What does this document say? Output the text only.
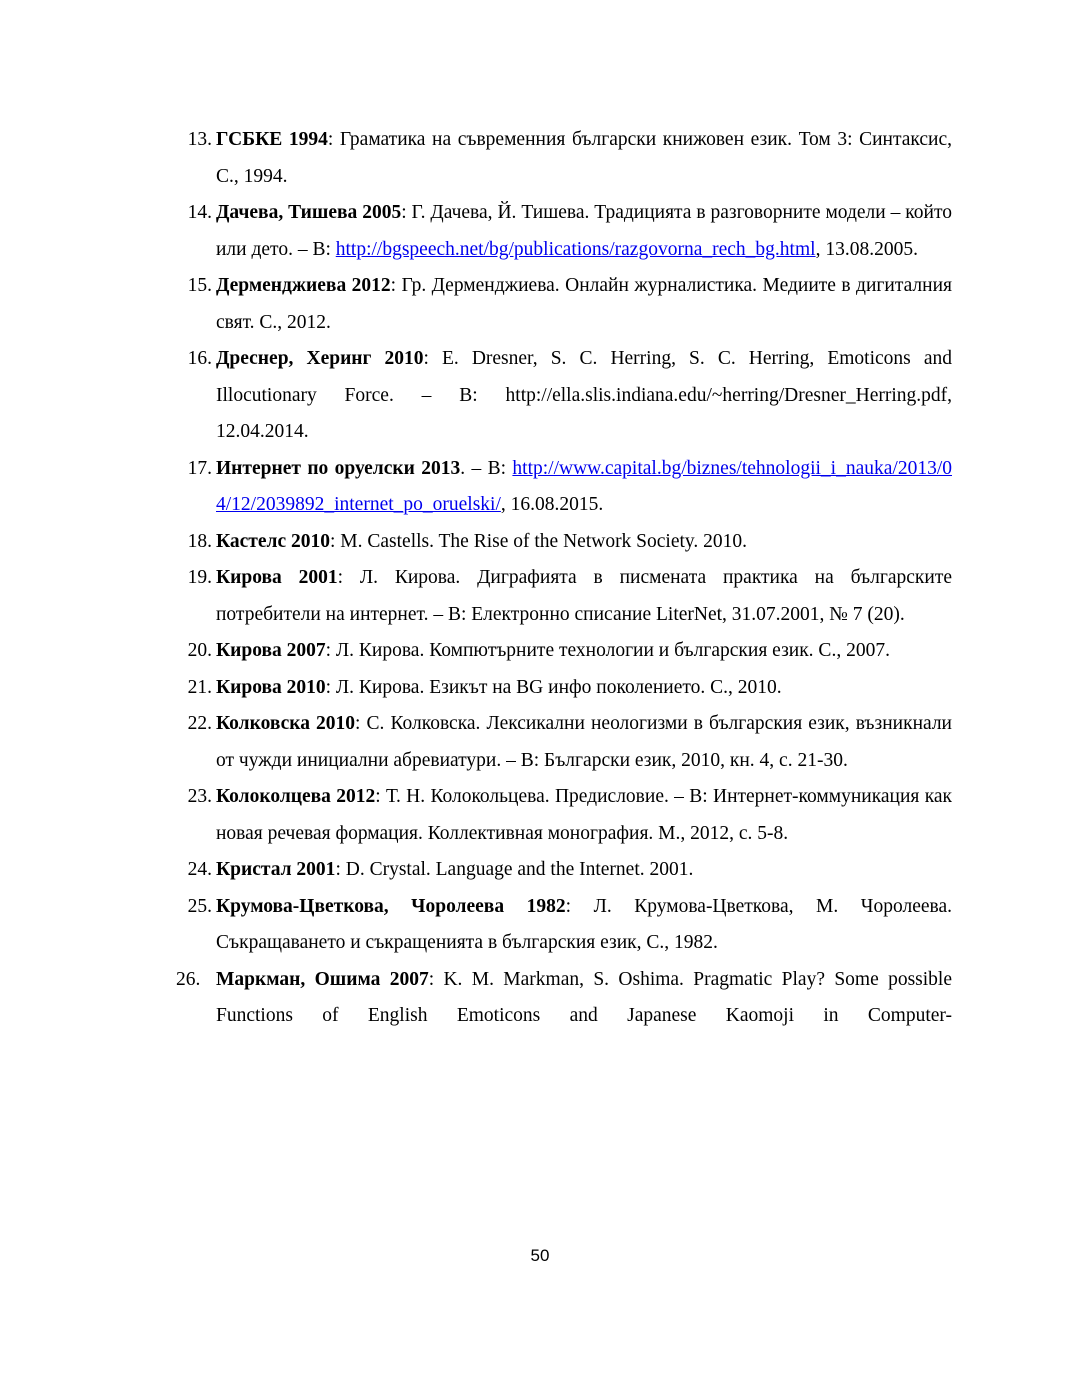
13. ГСБКЕ 1994: Граматика на съвременния български книжовен език. Том 3: Синтаксис, С., 1994.
14. Дачева, Тишева 2005: Г. Дачева, Й. Тишева. Традицията в разговорните модели – който или дето. – В: http://bgspeech.net/bg/publications/razgovorna_rech_bg.html, 13.08.2005.
15. Дерменджиева 2012: Гр. Дерменджиева. Онлайн журналистика. Медиите в дигиталния свят. С., 2012.
16. Дреснер, Херинг 2010: E. Dresner, S. C. Herring, S. C. Herring, Emoticons and Illocutionary Force. – В: http://ella.slis.indiana.edu/~herring/Dresner_Herring.pdf, 12.04.2014.
17. Интернет по оруелски 2013. – В: http://www.capital.bg/biznes/tehnologii_i_nauka/2013/04/12/2039892_internet_po_oruelski/, 16.08.2015.
18. Кастелс 2010: M. Castells. The Rise of the Network Society. 2010.
19. Кирова 2001: Л. Кирова. Диграфията в писмената практика на българските потребители на интернет. – В: Електронно списание LiterNet, 31.07.2001, № 7 (20).
20. Кирова 2007: Л. Кирова. Компютърните технологии и българския език. С., 2007.
21. Кирова 2010: Л. Кирова. Езикът на BG инфо поколението. С., 2010.
22. Колковска 2010: С. Колковска. Лексикални неологизми в българския език, възникнали от чужди инициални абревиатури. – В: Български език, 2010, кн. 4, с. 21-30.
23. Колоколцева 2012: Т. Н. Колокольцева. Предисловие. – В: Интернет-коммуникация как новая речевая формация. Коллективная монография. М., 2012, с. 5-8.
24. Кристал 2001: D. Crystal. Language and the Internet. 2001.
25. Крумова-Цветкова, Чоролеева 1982: Л. Крумова-Цветкова, М. Чоролеева. Съкращаването и съкращенията в българския език, С., 1982.
26. Маркман, Ошима 2007: K. M. Markman, S. Oshima. Pragmatic Play? Some possible Functions of English Emoticons and Japanese Kaomoji in Computer-
50
